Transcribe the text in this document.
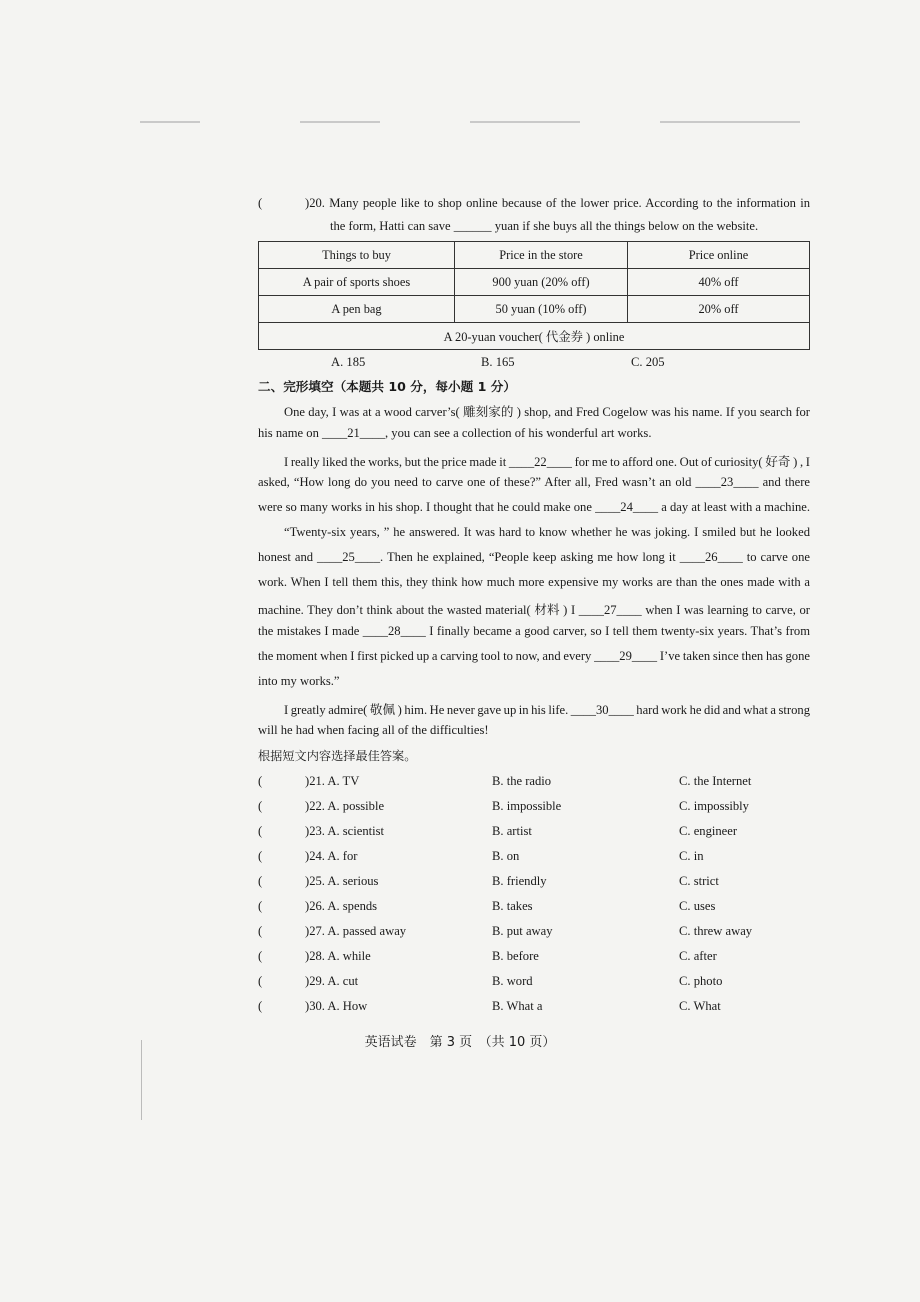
(	)20. Many people like to shop online because of the lower price. According to the information in
the form, Hatti can save ______ yuan if she buys all the things below on the website.
Things to buy	Price in the store	Price online
A pair of sports shoes	900 yuan (20% off)	40% off
A pen bag	50 yuan (10% off)	20% off
A 20-yuan voucher( 代金券 ) online		
A. 185	B. 165	C. 205
二、完形填空（本题共 10 分，每小题 1 分）
One day, I was at a wood carver’s( 雕刻家的 ) shop, and Fred Cogelow was his name. If you search for
his name on ____21____, you can see a collection of his wonderful art works.
I really liked the works, but the price made it ____22____ for me to afford one. Out of curiosity( 好奇 ) , I
asked, “How long do you need to carve one of these?” After all, Fred wasn’t an old ____23____ and there
were so many works in his shop. I thought that he could make one ____24____ a day at least with a machine.
“Twenty-six years, ” he answered. It was hard to know whether he was joking. I smiled but he looked
honest and ____25____. Then he explained, “People keep asking me how long it ____26____ to carve one
work. When I tell them this, they think how much more expensive my works are than the ones made with a
machine. They don’t think about the wasted material( 材料 ) I ____27____ when I was learning to carve, or
the mistakes I made ____28____ I finally became a good carver, so I tell them twenty-six years. That’s from
the moment when I first picked up a carving tool to now, and every ____29____ I’ve taken since then has gone
into my works.”
I greatly admire( 敬佩 ) him. He never gave up in his life. ____30____ hard work he did and what a strong
will he had when facing all of the difficulties!
根据短文内容选择最佳答案。
(	)21. A. TV	B. the radio	C. the Internet
(	)22. A. possible	B. impossible	C. impossibly
(	)23. A. scientist	B. artist	C. engineer
(	)24. A. for	B. on	C. in
(	)25. A. serious	B. friendly	C. strict
(	)26. A. spends	B. takes	C. uses
(	)27. A. passed away	B. put away	C. threw away
(	)28. A. while	B. before	C. after
(	)29. A. cut	B. word	C. photo
(	)30. A. How	B. What a	C. What
英语试卷　第 3 页　（共 10 页）
